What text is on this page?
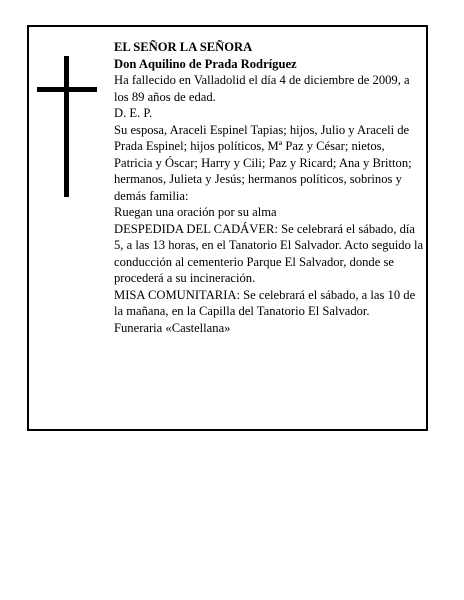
EL SEÑOR LA SEÑORA

Don Aquilino de Prada Rodríguez

Ha fallecido en Valladolid el día 4 de diciembre de 2009, a los 89 años de edad.

D. E. P.

Su esposa, Araceli Espinel Tapias; hijos, Julio y Araceli de Prada Espinel; hijos políticos, Mª Paz y César; nietos, Patricia y Óscar; Harry y Cili; Paz y Ricard; Ana y Britton; hermanos, Julieta y Jesús; hermanos políticos, sobrinos y demás familia:

Ruegan una oración por su alma

DESPEDIDA DEL CADÁVER: Se celebrará el sábado, día 5, a las 13 horas, en el Tanatorio El Salvador. Acto seguido la conducción al cementerio Parque El Salvador, donde se procederá a su incineración.

MISA COMUNITARIA: Se celebrará el sábado, a las 10 de la mañana, en la Capilla del Tanatorio El Salvador.

Funeraria «Castellana»
